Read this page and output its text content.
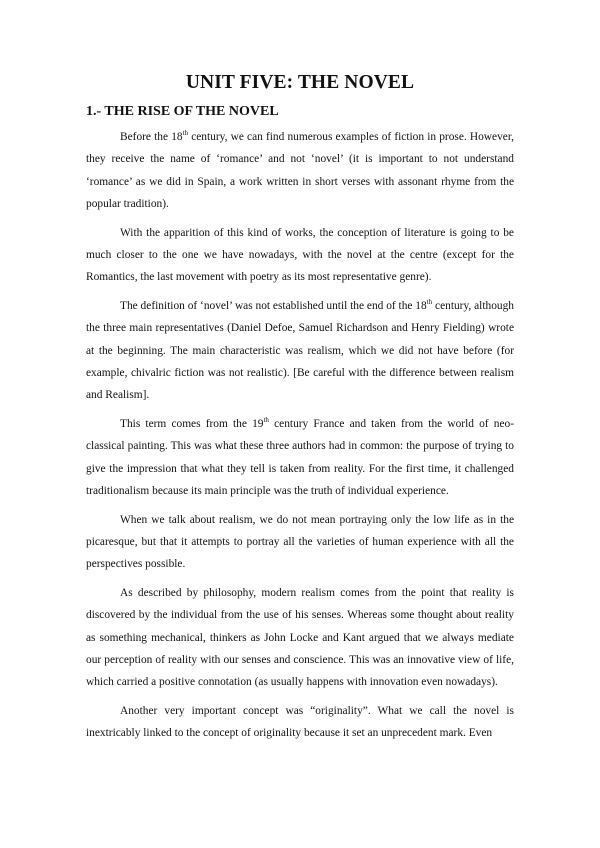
UNIT FIVE: THE NOVEL
1.- THE RISE OF THE NOVEL

Before the 18th century, we can find numerous examples of fiction in prose. However, they receive the name of ‘romance’ and not ‘novel’ (it is important to not understand ‘romance’ as we did in Spain, a work written in short verses with assonant rhyme from the popular tradition).

With the apparition of this kind of works, the conception of literature is going to be much closer to the one we have nowadays, with the novel at the centre (except for the Romantics, the last movement with poetry as its most representative genre).

The definition of ‘novel’ was not established until the end of the 18th century, although the three main representatives (Daniel Defoe, Samuel Richardson and Henry Fielding) wrote at the beginning. The main characteristic was realism, which we did not have before (for example, chivalric fiction was not realistic). [Be careful with the difference between realism and Realism].

This term comes from the 19th century France and taken from the world of neo-classical painting. This was what these three authors had in common: the purpose of trying to give the impression that what they tell is taken from reality. For the first time, it challenged traditionalism because its main principle was the truth of individual experience.

When we talk about realism, we do not mean portraying only the low life as in the picaresque, but that it attempts to portray all the varieties of human experience with all the perspectives possible.

As described by philosophy, modern realism comes from the point that reality is discovered by the individual from the use of his senses. Whereas some thought about reality as something mechanical, thinkers as John Locke and Kant argued that we always mediate our perception of reality with our senses and conscience. This was an innovative view of life, which carried a positive connotation (as usually happens with innovation even nowadays).

Another very important concept was “originality”. What we call the novel is inextricably linked to the concept of originality because it set an unprecedent mark. Even
